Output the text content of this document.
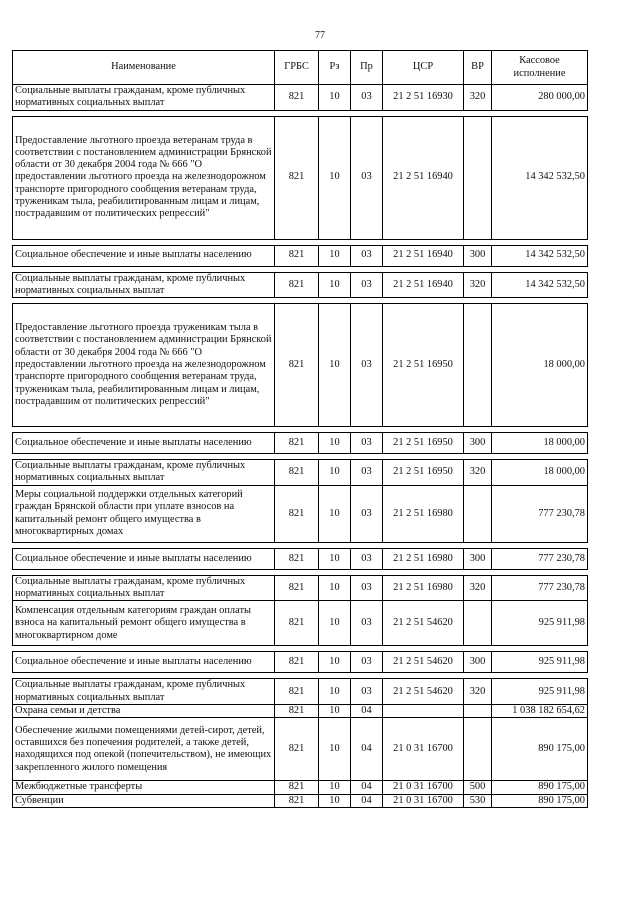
77
Наименование	ГРБС	Рз	Пр	ЦСР	ВР	Кассовое исполнение
Социальные выплаты гражданам, кроме публичных нормативных социальных выплат	821	10	03	21 2 51 16930	320	280 000,00

Предоставление льготного проезда ветеранам труда в соответствии с постановлением администрации Брянской области от 30 декабря 2004 года № 666 "О предоставлении льготного проезда на железнодорожном транспорте пригородного сообщения ветеранам труда, труженикам тыла, реабилитированным лицам и лицам, пострадавшим от политических репрессий"	821	10	03	21 2 51 16940		14 342 532,50

Социальное обеспечение и иные выплаты населению	821	10	03	21 2 51 16940	300	14 342 532,50

Социальные выплаты гражданам, кроме публичных нормативных социальных выплат	821	10	03	21 2 51 16940	320	14 342 532,50

Предоставление льготного проезда труженикам тыла в соответствии с постановлением администрации Брянской области от 30 декабря 2004 года № 666 "О предоставлении льготного проезда на железнодорожном транспорте пригородного сообщения ветеранам труда, труженикам тыла, реабилитированным лицам и лицам, пострадавшим от политических репрессий"	821	10	03	21 2 51 16950		18 000,00

Социальное обеспечение и иные выплаты населению	821	10	03	21 2 51 16950	300	18 000,00

Социальные выплаты гражданам, кроме публичных нормативных социальных выплат	821	10	03	21 2 51 16950	320	18 000,00
Меры социальной поддержки отдельных категорий граждан Брянской области при уплате взносов на капитальный ремонт общего имущества в многоквартирных домах	821	10	03	21 2 51 16980		777 230,78

Социальное обеспечение и иные выплаты населению	821	10	03	21 2 51 16980	300	777 230,78

Социальные выплаты гражданам, кроме публичных нормативных социальных выплат	821	10	03	21 2 51 16980	320	777 230,78
Компенсация отдельным категориям граждан оплаты взноса на капитальный ремонт общего имущества в многоквартирном доме	821	10	03	21 2 51 54620		925 911,98

Социальное обеспечение и иные выплаты населению	821	10	03	21 2 51 54620	300	925 911,98

Социальные выплаты гражданам, кроме публичных нормативных социальных выплат	821	10	03	21 2 51 54620	320	925 911,98
Охрана семьи и детства	821	10	04			1 038 182 654,62
Обеспечение жилыми помещениями детей-сирот, детей, оставшихся без попечения родителей, а также детей, находящихся под опекой (попечительством), не имеющих закрепленного жилого помещения	821	10	04	21 0 31 16700		890 175,00
Межбюджетные трансферты	821	10	04	21 0 31 16700	500	890 175,00
Субвенции	821	10	04	21 0 31 16700	530	890 175,00
